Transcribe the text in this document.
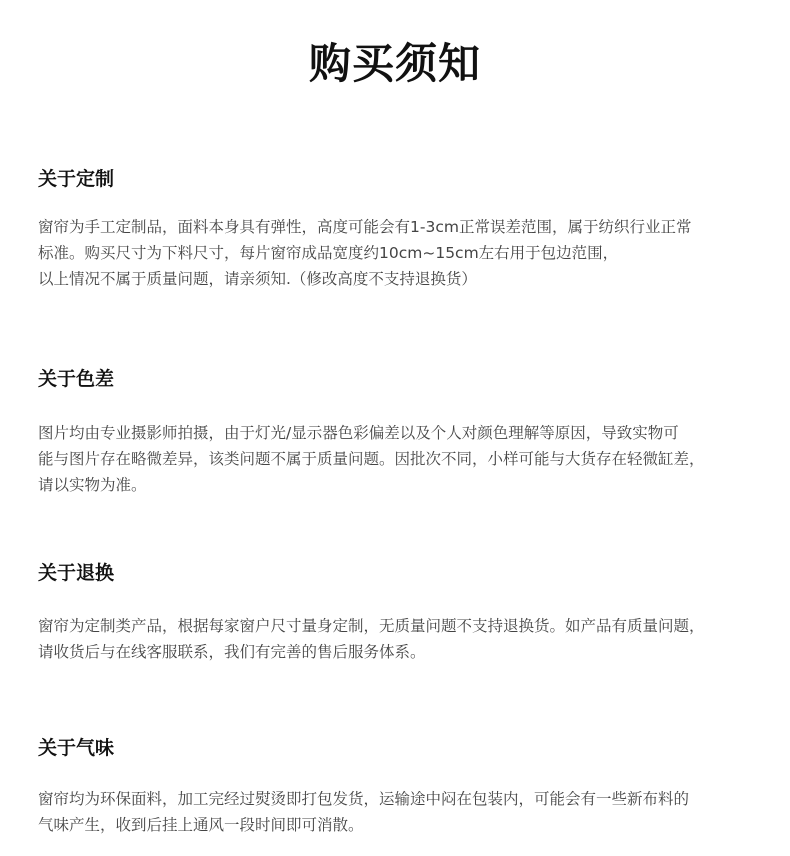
购买须知
关于定制
窗帘为手工定制品，面料本身具有弹性，高度可能会有1-3cm正常误差范围，属于纺织行业正常
标准。购买尺寸为下料尺寸，每片窗帘成品宽度约10cm~15cm左右用于包边范围，
以上情况不属于质量问题，请亲须知.（修改高度不支持退换货）
关于色差
图片均由专业摄影师拍摄，由于灯光/显示器色彩偏差以及个人对颜色理解等原因，导致实物可
能与图片存在略微差异，该类问题不属于质量问题。因批次不同，小样可能与大货存在轻微缸差，
请以实物为准。
关于退换
窗帘为定制类产品，根据每家窗户尺寸量身定制，无质量问题不支持退换货。如产品有质量问题，
请收货后与在线客服联系，我们有完善的售后服务体系。
关于气味
窗帘均为环保面料，加工完经过熨烫即打包发货，运输途中闷在包装内，可能会有一些新布料的
气味产生，收到后挂上通风一段时间即可消散。
